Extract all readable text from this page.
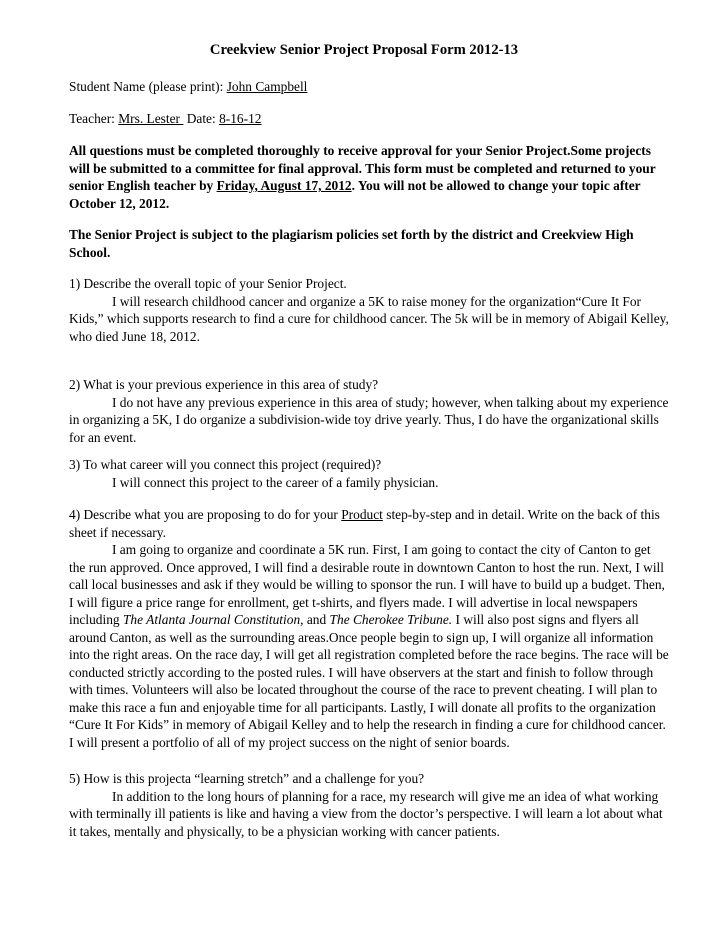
Creekview Senior Project Proposal Form 2012-13
Student Name (please print): John Campbell
Teacher: Mrs. Lester Date: 8-16-12
All questions must be completed thoroughly to receive approval for your Senior Project.Some projects will be submitted to a committee for final approval. This form must be completed and returned to your senior English teacher by Friday, August 17, 2012. You will not be allowed to change your topic after October 12, 2012.
The Senior Project is subject to the plagiarism policies set forth by the district and Creekview High School.

1) Describe the overall topic of your Senior Project.

I will research childhood cancer and organize a 5K to raise money for the organization“Cure It For Kids,” which supports research to find a cure for childhood cancer. The 5k will be in memory of Abigail Kelley, who died June 18, 2012.

2) What is your previous experience in this area of study?

I do not have any previous experience in this area of study; however, when talking about my experience in organizing a 5K, I do organize a subdivision-wide toy drive yearly. Thus, I do have the organizational skills for an event.

3) To what career will you connect this project (required)?

I will connect this project to the career of a family physician.

4) Describe what you are proposing to do for your Product step-by-step and in detail. Write on the back of this sheet if necessary.

I am going to organize and coordinate a 5K run. First, I am going to contact the city of Canton to get the run approved. Once approved, I will find a desirable route in downtown Canton to host the run. Next, I will call local businesses and ask if they would be willing to sponsor the run. I will have to build up a budget. Then, I will figure a price range for enrollment, get t-shirts, and flyers made. I will advertise in local newspapers including The Atlanta Journal Constitution, and The Cherokee Tribune. I will also post signs and flyers all around Canton, as well as the surrounding areas.Once people begin to sign up, I will organize all information into the right areas. On the race day, I will get all registration completed before the race begins. The race will be conducted strictly according to the posted rules. I will have observers at the start and finish to follow through with times. Volunteers will also be located throughout the course of the race to prevent cheating. I will plan to make this race a fun and enjoyable time for all participants. Lastly, I will donate all profits to the organization “Cure It For Kids” in memory of Abigail Kelley and to help the research in finding a cure for childhood cancer. I will present a portfolio of all of my project success on the night of senior boards.

5) How is this projecta “learning stretch” and a challenge for you?

In addition to the long hours of planning for a race, my research will give me an idea of what working with terminally ill patients is like and having a view from the doctor’s perspective. I will learn a lot about what it takes, mentally and physically, to be a physician working with cancer patients.
